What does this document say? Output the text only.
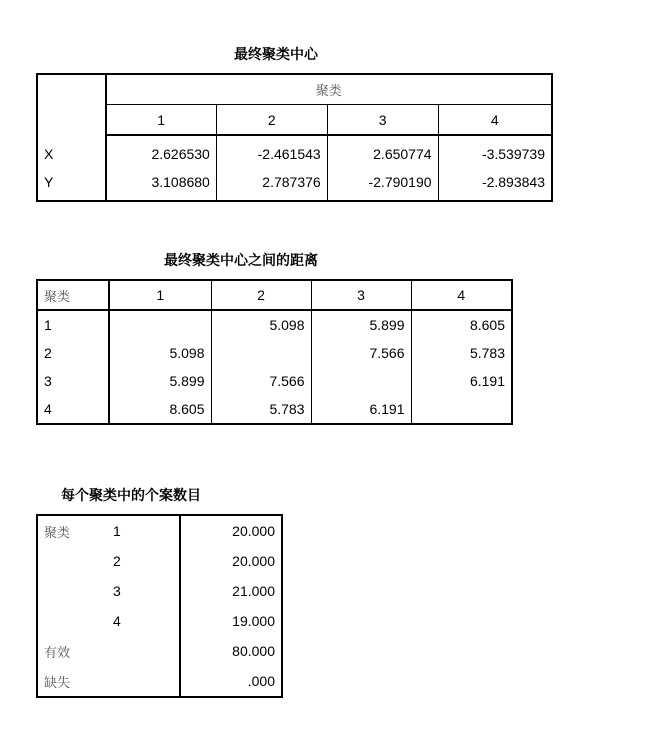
最终聚类中心
	聚类			
	1	2	3	4
X	2.626530	-2.461543	2.650774	-3.539739
Y	3.108680	2.787376	-2.790190	-2.893843
最终聚类中心之间的距离
聚类	1	2	3	4
1		5.098	5.899	8.605
2	5.098		7.566	5.783
3	5.899	7.566		6.191
4	8.605	5.783	6.191	
每个聚类中的个案数目
聚类	1	20.000
	2	20.000
	3	21.000
	4	19.000
有效		80.000
缺失		.000
